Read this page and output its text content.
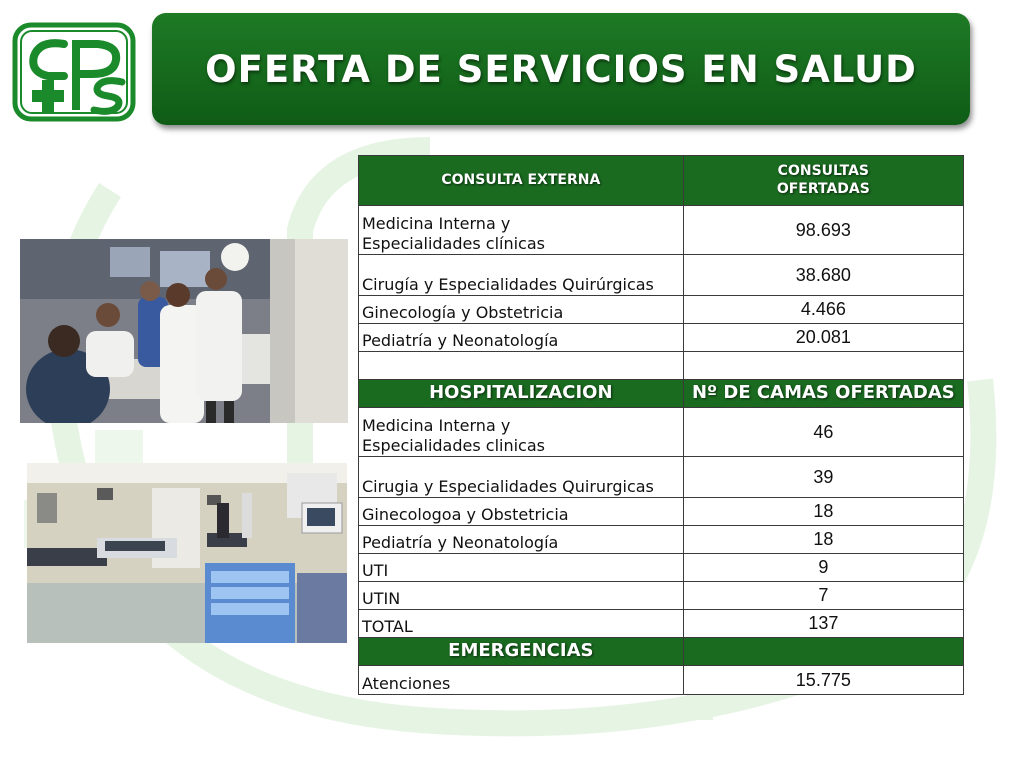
OFERTA DE SERVICIOS EN SALUD
CONSULTA EXTERNA	CONSULTAS
OFERTADAS
Medicina Interna y
Especialidades clínicas	98.693
Cirugía y Especialidades Quirúrgicas	38.680
Ginecología y Obstetricia	4.466
Pediatría y Neonatología	20.081

HOSPITALIZACION	Nº DE CAMAS OFERTADAS
Medicina Interna y
Especialidades clinicas	46
Cirugia y Especialidades Quirurgicas	39
Ginecologoa y Obstetricia	18
Pediatría y Neonatología	18
UTI	9
UTIN	7
TOTAL	137
EMERGENCIAS	
Atenciones	15.775
